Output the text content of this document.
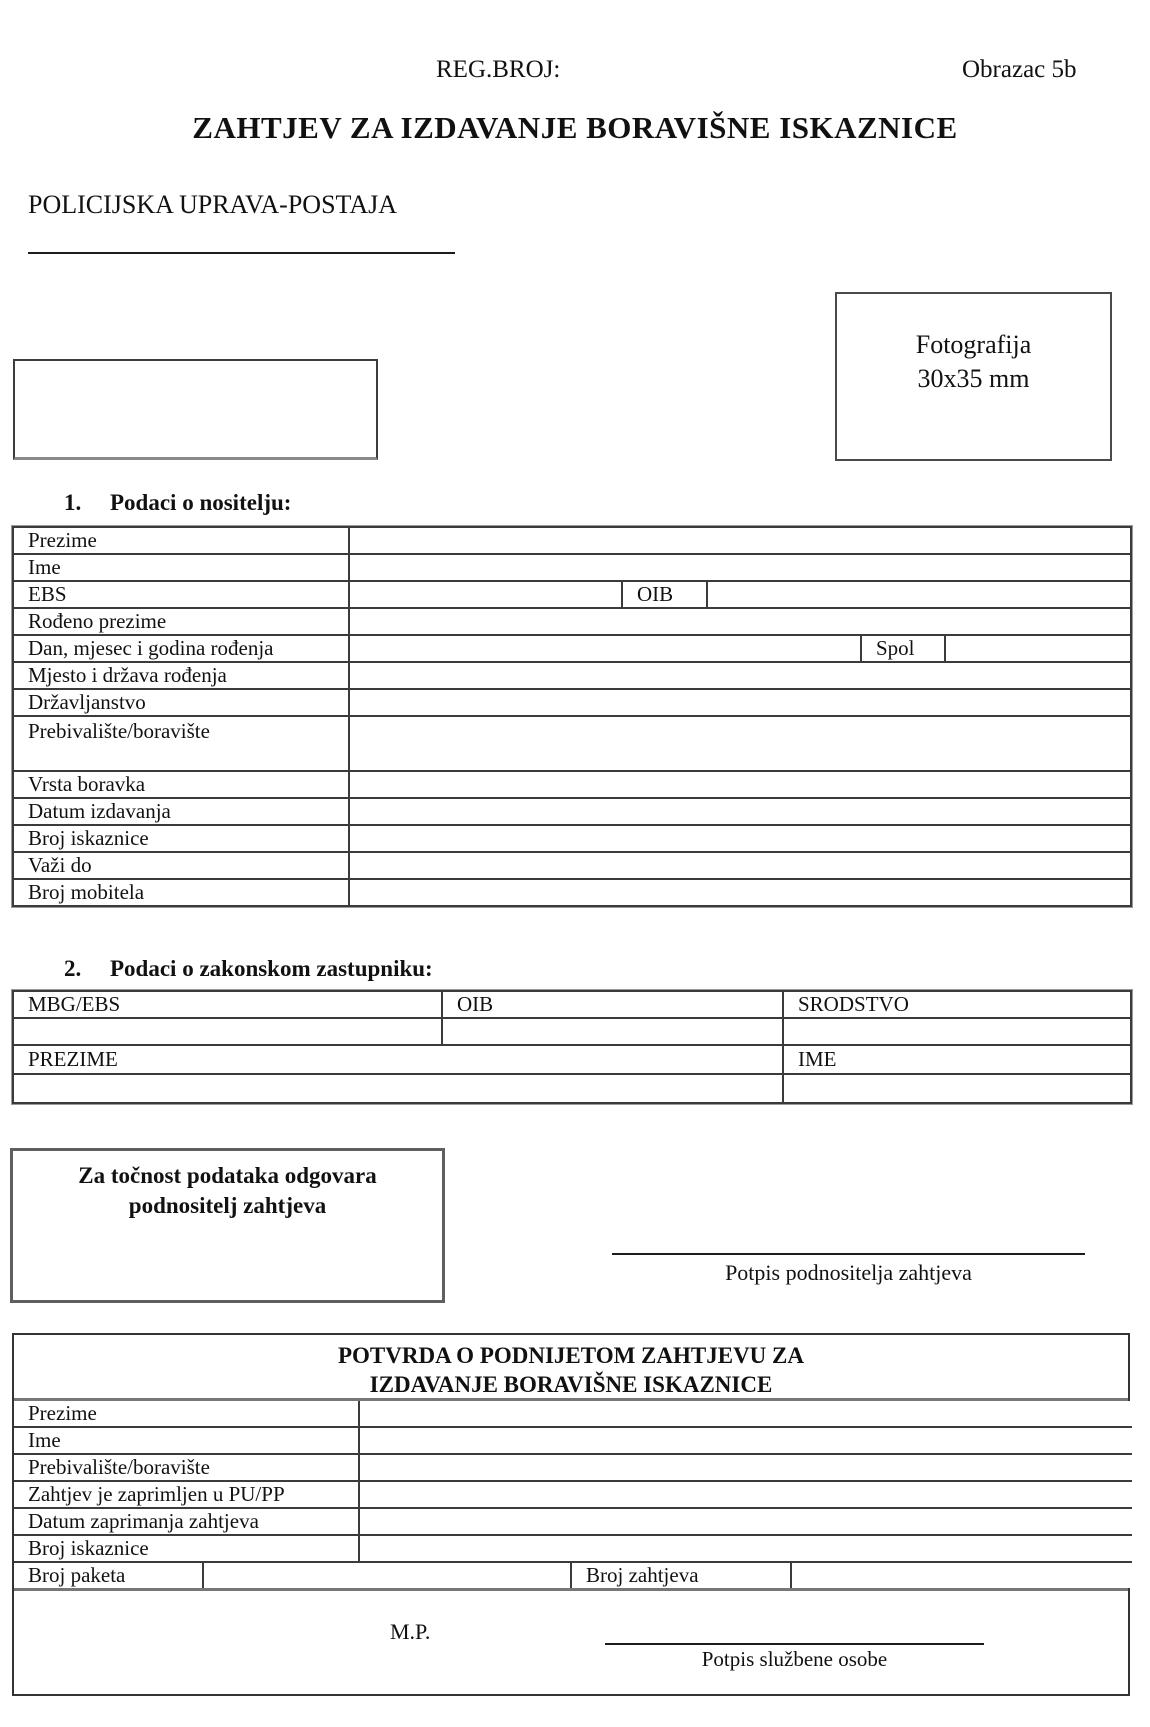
REG.BROJ:	Obrazac 5b
ZAHTJEV ZA IZDAVANJE BORAVIŠNE ISKAZNICE
POLICIJSKA UPRAVA-POSTAJA
Fotografija
30x35 mm
1.	Podaci o nositelju:
Prezime					
Ime					
EBS		OIB			
Rođeno prezime					
Dan, mjesec i godina rođenja				Spol	
Mjesto i država rođenja					
Državljanstvo					
Prebivalište/boravište					
Vrsta boravka					
Datum izdavanja					
Broj iskaznice					
Važi do					
Broj mobitela					
2.	Podaci o zakonskom zastupniku:
MBG/EBS	OIB	SRODSTVO

PREZIME		IME

Za točnost podataka odgovara
podnositelj zahtjeva
Potpis podnositelja zahtjeva
POTVRDA O PODNIJETOM ZAHTJEVU ZA
IZDAVANJE BORAVIŠNE ISKAZNICE
Prezime				
Ime				
Prebivalište/boravište				
Zahtjev je zaprimljen u PU/PP				
Datum zaprimanja zahtjeva				
Broj iskaznice				
Broj paketa			Broj zahtjeva	
M.P.
Potpis službene osobe
